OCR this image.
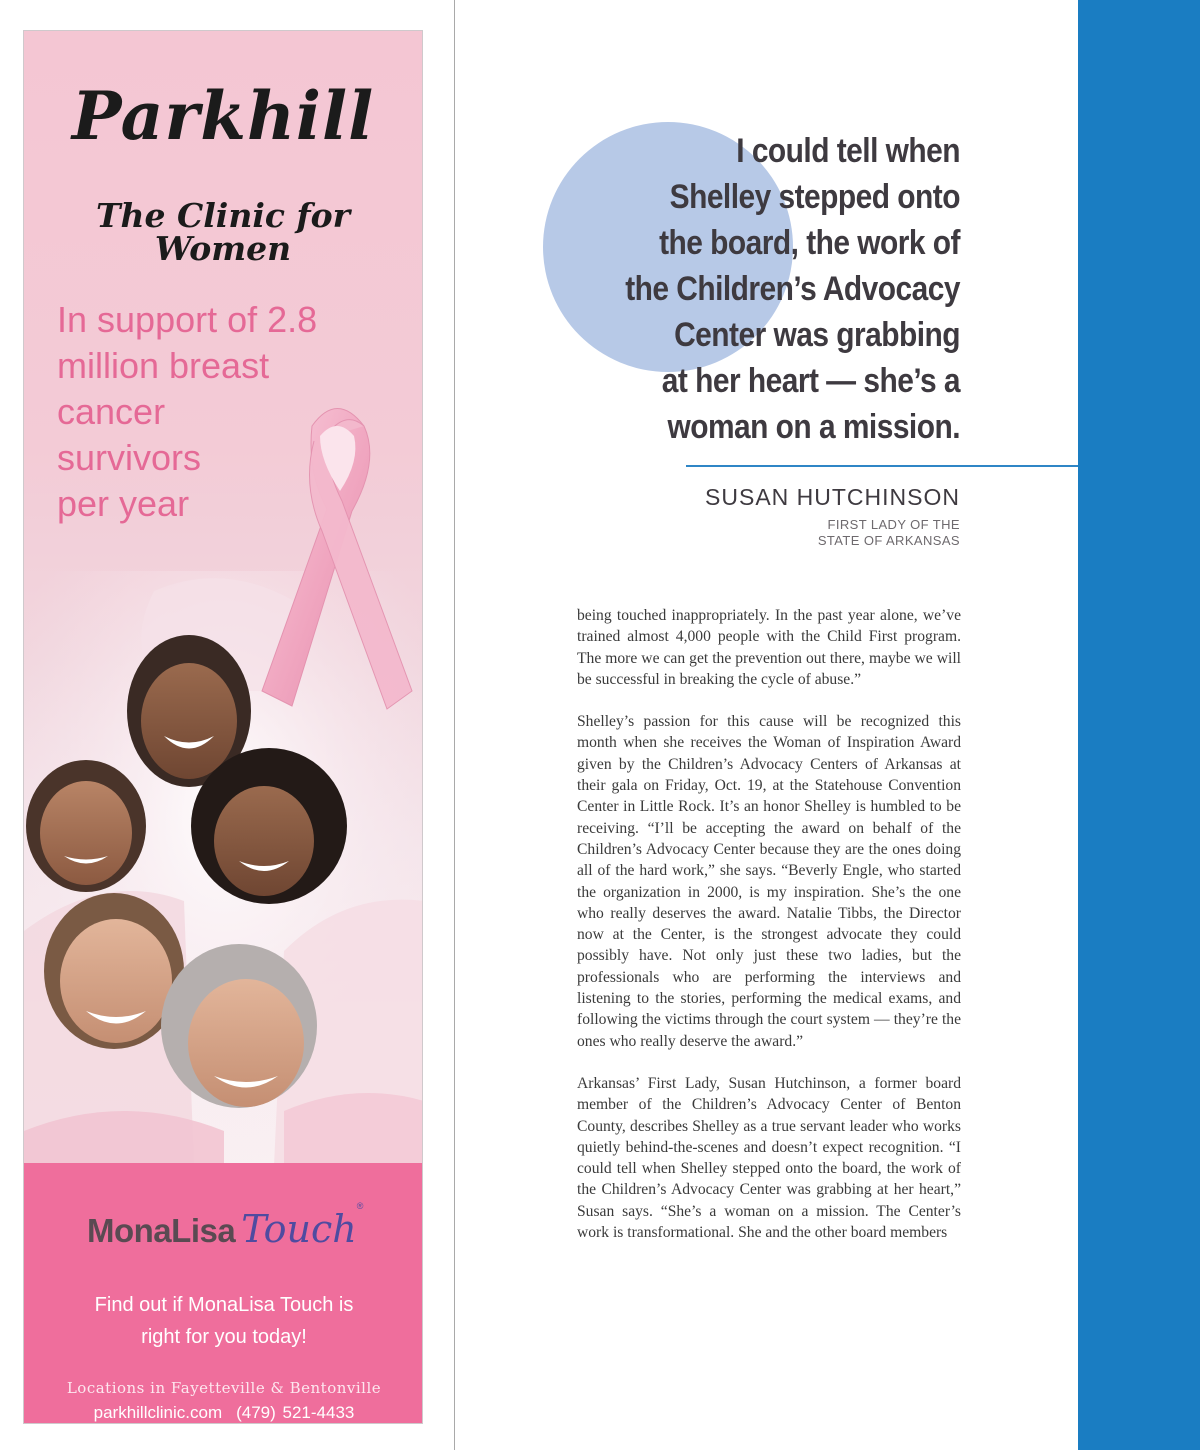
Parkhill
The Clinic for Women
In support of 2.8
million breast
cancer
survivors
per year
MonaLisa Touch®
Find out if MonaLisa Touch is
right for you today!
Locations in Fayetteville & Bentonville
parkhillclinic.com (479) 521-4433
I could tell when
Shelley stepped onto
the board, the work of
the Children’s Advocacy
Center was grabbing
at her heart — she’s a
woman on a mission.
SUSAN HUTCHINSON
FIRST LADY OF THE
STATE OF ARKANSAS

being touched inappropriately. In the past year alone, we’ve trained almost 4,000 people with the Child First program. The more we can get the prevention out there, maybe we will be successful in breaking the cycle of abuse.”

Shelley’s passion for this cause will be recognized this month when she receives the Woman of Inspiration Award given by the Children’s Advocacy Centers of Arkansas at their gala on Friday, Oct. 19, at the Statehouse Convention Center in Little Rock. It’s an honor Shelley is humbled to be receiving. “I’ll be accepting the award on behalf of the Children’s Advocacy Center because they are the ones doing all of the hard work,” she says. “Beverly Engle, who started the organization in 2000, is my inspiration. She’s the one who really deserves the award. Natalie Tibbs, the Director now at the Center, is the strongest advocate they could possibly have. Not only just these two ladies, but the professionals who are performing the interviews and listening to the stories, performing the medical exams, and following the victims through the court system — they’re the ones who really deserve the award.”

Arkansas’ First Lady, Susan Hutchinson, a former board member of the Children’s Advocacy Center of Benton County, describes Shelley as a true servant leader who works quietly behind-the-scenes and doesn’t expect recognition. “I could tell when Shelley stepped onto the board, the work of the Children’s Advocacy Center was grabbing at her heart,” Susan says. “She’s a woman on a mission. The Center’s work is transformational. She and the other board members
